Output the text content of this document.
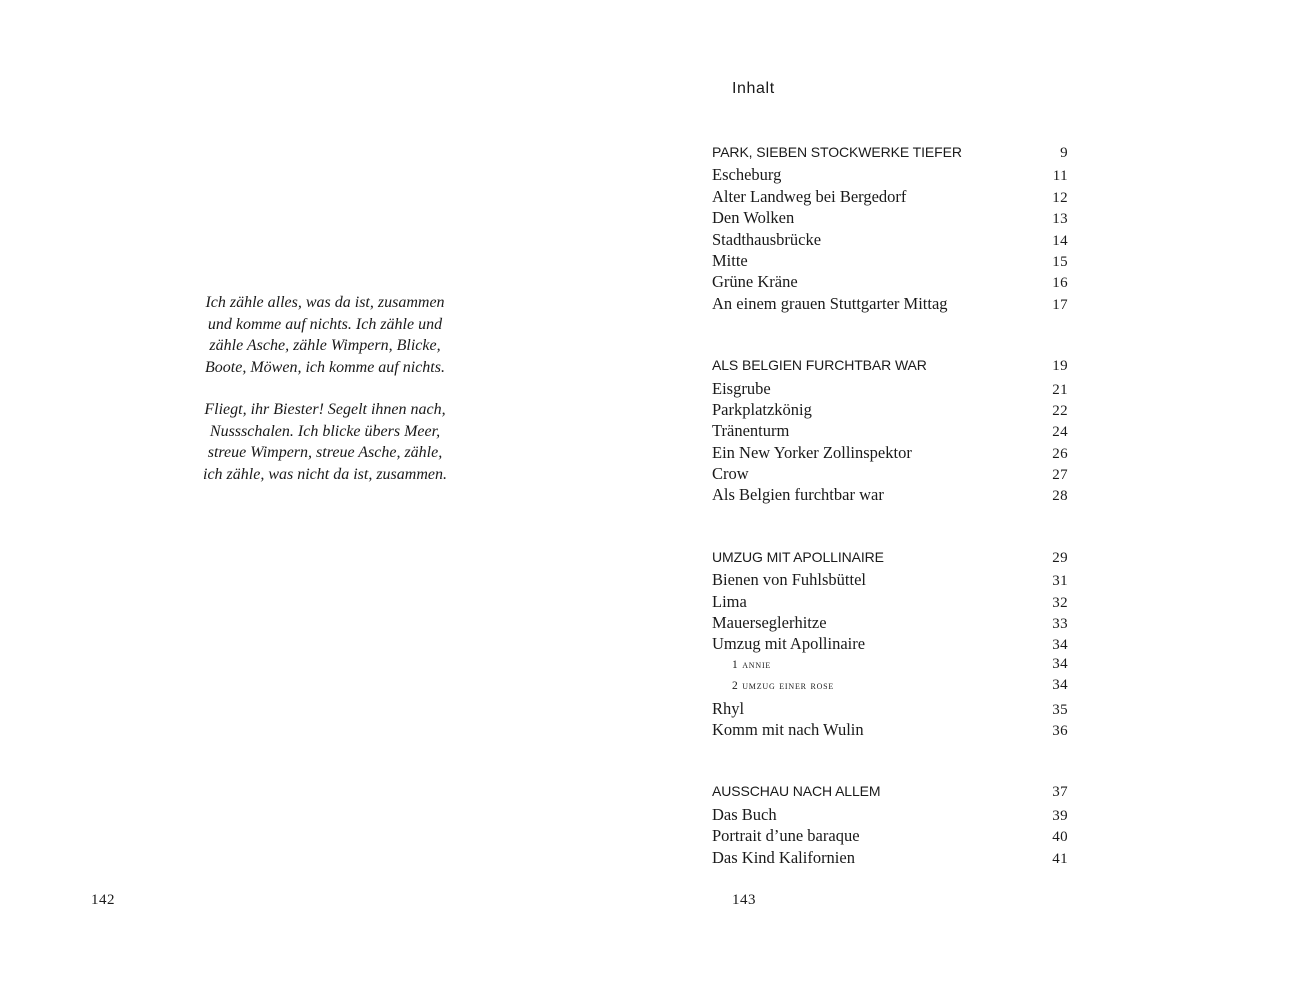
Ich zähle alles, was da ist, zusammen
und komme auf nichts. Ich zähle und
zähle Asche, zähle Wimpern, Blicke,
Boote, Möwen, ich komme auf nichts.

Fliegt, ihr Biester! Segelt ihnen nach,
Nussschalen. Ich blicke übers Meer,
streue Wimpern, streue Asche, zähle,
ich zähle, was nicht da ist, zusammen.

142
Inhalt
PARK, SIEBEN STOCKWERKE TIEFER	9
Escheburg	11
Alter Landweg bei Bergedorf	12
Den Wolken	13
Stadthausbrücke	14
Mitte	15
Grüne Kräne	16
An einem grauen Stuttgarter Mittag	17
ALS BELGIEN FURCHTBAR WAR	19
Eisgrube	21
Parkplatzkönig	22
Tränenturm	24
Ein New Yorker Zollinspektor	26
Crow	27
Als Belgien furchtbar war	28
UMZUG MIT APOLLINAIRE	29
Bienen von Fuhlsbüttel	31
Lima	32
Mauerseglerhitze	33
Umzug mit Apollinaire	34
1 annie	34
2 umzug einer rose	34
Rhyl	35
Komm mit nach Wulin	36
AUSSCHAU NACH ALLEM	37
Das Buch	39
Portrait d’une baraque	40
Das Kind Kalifornien	41
143
